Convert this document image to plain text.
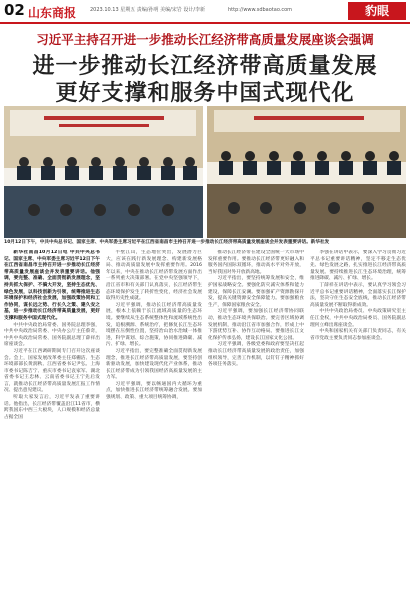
02 山东商报	2023.10.13 星期五 责编/孙明 美编/宋岩 设计/李新	http://www.sdbaotao.com	豹眼
习近平主持召开进一步推动长江经济带高质量发展座谈会强调
进一步推动长江经济带高质量发展
更好支撑和服务中国式现代化
10月12日下午，中共中央总书记、国家主席、中央军委主席习近平在江西省南昌市主持召开进一步推动长江经济带高质量发展座谈会并发表重要讲话。新华社发

新华社南昌10月12日电 中共中央总书记、国家主席、中央军委主席习近平12日下午在江西省南昌市主持召开进一步推动长江经济带高质量发展座谈会并发表重要讲话。他强调，要完整、准确、全面贯彻新发展理念，坚持共抓大保护、不搞大开发，坚持生态优先、绿色发展，以科技创新为引领，统筹推进生态环境保护和经济社会发展，加强政策协同和工作协同，谋长远之势、行长久之策、建久安之基，进一步推动长江经济带高质量发展，更好支撑和服务中国式现代化。

中共中央政治局常委、国务院总理李强，中共中央政治局常委、中央办公厅主任蔡奇，中共中央政治局常委、国务院副总理丁薛祥出席座谈会。

习近平在江西调研期间专门召开这次座谈会。会上，国家发展改革委主任郑栅洁、生态环境部部长黄润秋、江西省委书记尹弘、上海市委书记陈吉宁、重庆市委书记袁家军、湖北省委书记王忠林、云南省委书记王宁先后发言，就推动长江经济带高质量发展汇报工作情况、提出意见建议。

听取大家发言后，习近平发表了重要讲话。他指出，长江经济带覆盖沿江11省市，横跨我国东中西三大板块，人口规模和经济总量占据全国

半壁江山，生态地位突出，发展潜力巨大，应该在践行新发展理念、构建新发展格局、推动高质量发展中发挥重要作用。2016年以来，中央在推动长江经济带发展方面作出一系列重大决策部署。在党中央坚强领导下，沿江省市和有关部门认真落实，长江经济带生态环境保护发生了转折性变化，经济社会发展取得历史性成就。

习近平强调，推动长江经济带高质量发展，根本上依赖于长江流域高质量的生态环境。要继续从生态系统整体性和流域系统性出发，追根溯源、系统治疗，把修复长江生态环境摆在压倒性位置，坚持治山治水治城一体推进，科学谋划、综合施策，协同推进降碳、减污、扩绿、增长。

习近平指出，要完整准确全面贯彻新发展理念，推进长江经济带高质量发展，要坚持创新驱动发展，加快建设现代化产业体系，推动长江经济带成为引领我国经济高质量发展的主力军。

习近平强调，要以畅通国内大循环为重点，加快推进长江经济带统筹融合发展。要加强规划、政策、重大项目统筹协调，

推动长江经济带在建设全国统一大市场中发挥重要作用。要推动长江经济带更好融入和服务国内国际双循环，推动高水平对外开放，当好我国对外开放新高地。

习近平指出，要坚持统筹发展和安全，维护国家战略安全。要强化防灾减灾体系和能力建设，保障长江安澜。要加强矿产资源勘探开发，提高关键资源安全保障能力。要加强粮食生产，保障国家粮食安全。

习近平强调，要加强长江经济带协同联动，推动生态环境共保联治。要完善区域协调发展机制，推动沿江省市加强合作，形成上中下游优势互补、协作互动格局。要推进长江文化保护传承弘扬，建设长江国家文化公园。

习近平强调，各级党委和政府要坚决扛起推动长江经济带高质量发展的政治责任，加强组织领导，完善工作机制，以钉钉子精神抓好各项任务落实。

李强在讲话中表示，要深入学习贯彻习近平总书记重要讲话精神，坚定不移走生态优先、绿色发展之路，扎实推进长江经济带高质量发展。要持续推进长江生态环境治理，统筹推进降碳、减污、扩绿、增长。

丁薛祥在讲话中表示，要认真学习领会习近平总书记重要讲话精神，全面落实长江保护法，坚决守住生态安全底线，推动长江经济带高质量发展不断取得新成效。

中共中央政治局委员、中央政策研究室主任江金权，中共中央政治局委员、国务院副总理何立峰出席座谈会。

中央和国家机关有关部门负责同志，有关省市党政主要负责同志参加座谈会。
